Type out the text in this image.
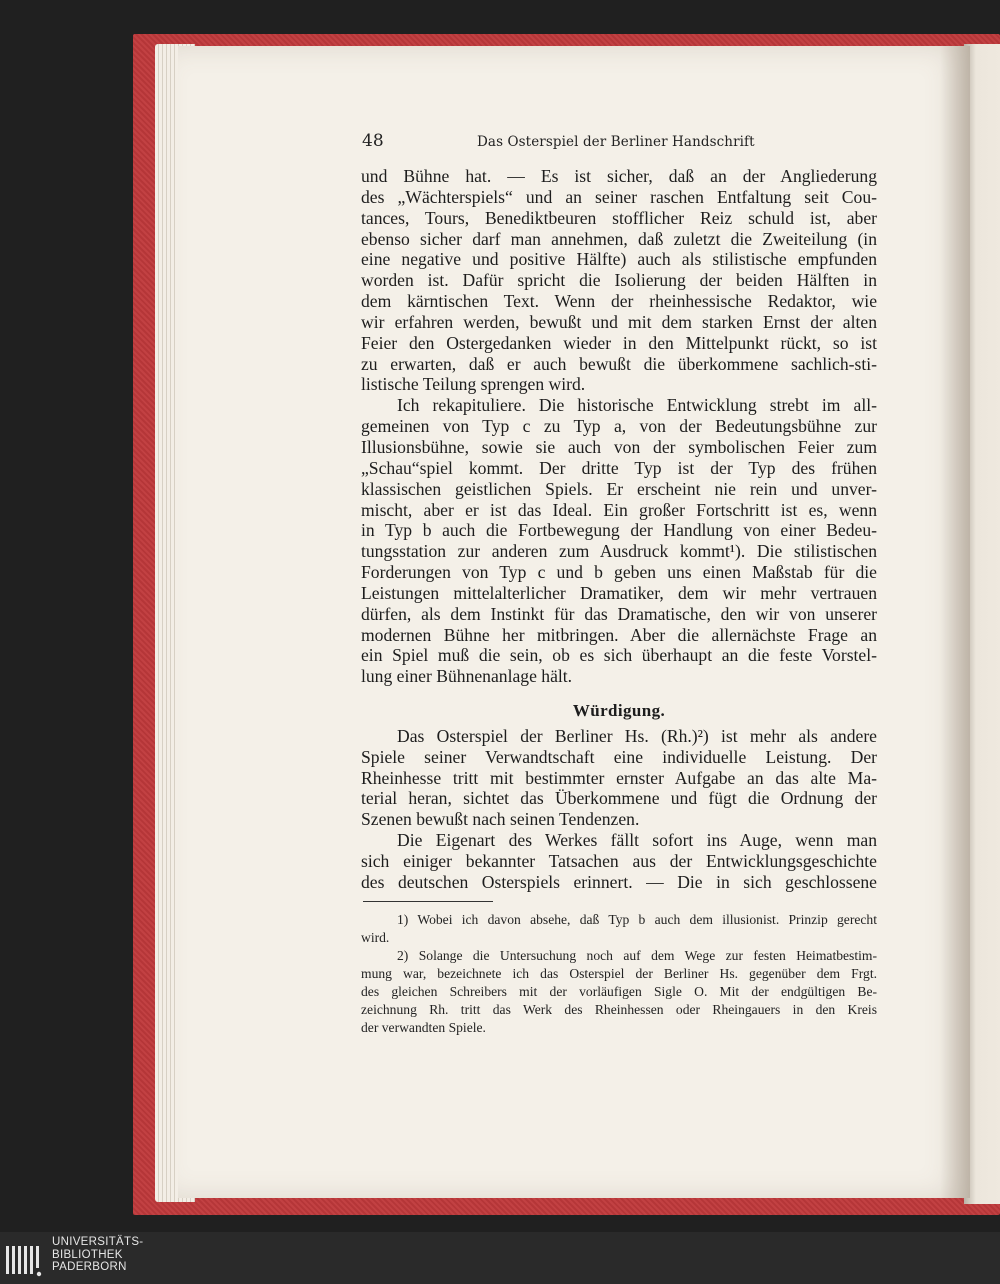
48	Das Osterspiel der Berliner Handschrift
und Bühne hat. — Es ist sicher, daß an der Angliederung
des „Wächterspiels“ und an seiner raschen Entfaltung seit Cou-
tances, Tours, Benediktbeuren stofflicher Reiz schuld ist, aber
ebenso sicher darf man annehmen, daß zuletzt die Zweiteilung (in
eine negative und positive Hälfte) auch als stilistische empfunden
worden ist. Dafür spricht die Isolierung der beiden Hälften in
dem kärntischen Text. Wenn der rheinhessische Redaktor, wie
wir erfahren werden, bewußt und mit dem starken Ernst der alten
Feier den Ostergedanken wieder in den Mittelpunkt rückt, so ist
zu erwarten, daß er auch bewußt die überkommene sachlich-sti-
listische Teilung sprengen wird.
Ich rekapituliere. Die historische Entwicklung strebt im all-
gemeinen von Typ c zu Typ a, von der Bedeutungsbühne zur
Illusionsbühne, sowie sie auch von der symbolischen Feier zum
„Schau“spiel kommt. Der dritte Typ ist der Typ des frühen
klassischen geistlichen Spiels. Er erscheint nie rein und unver-
mischt, aber er ist das Ideal. Ein großer Fortschritt ist es, wenn
in Typ b auch die Fortbewegung der Handlung von einer Bedeu-
tungsstation zur anderen zum Ausdruck kommt¹). Die stilistischen
Forderungen von Typ c und b geben uns einen Maßstab für die
Leistungen mittelalterlicher Dramatiker, dem wir mehr vertrauen
dürfen, als dem Instinkt für das Dramatische, den wir von unserer
modernen Bühne her mitbringen. Aber die allernächste Frage an
ein Spiel muß die sein, ob es sich überhaupt an die feste Vorstel-
lung einer Bühnenanlage hält.
Würdigung.
Das Osterspiel der Berliner Hs. (Rh.)²) ist mehr als andere
Spiele seiner Verwandtschaft eine individuelle Leistung. Der
Rheinhesse tritt mit bestimmter ernster Aufgabe an das alte Ma-
terial heran, sichtet das Überkommene und fügt die Ordnung der
Szenen bewußt nach seinen Tendenzen.
Die Eigenart des Werkes fällt sofort ins Auge, wenn man
sich einiger bekannter Tatsachen aus der Entwicklungsgeschichte
des deutschen Osterspiels erinnert. — Die in sich geschlossene
1) Wobei ich davon absehe, daß Typ b auch dem illusionist. Prinzip gerecht
wird.
2) Solange die Untersuchung noch auf dem Wege zur festen Heimatbestim-
mung war, bezeichnete ich das Osterspiel der Berliner Hs. gegenüber dem Frgt.
des gleichen Schreibers mit der vorläufigen Sigle O. Mit der endgültigen Be-
zeichnung Rh. tritt das Werk des Rheinhessen oder Rheingauers in den Kreis
der verwandten Spiele.
UNIVERSITÄTS-
BIBLIOTHEK
PADERBORN
